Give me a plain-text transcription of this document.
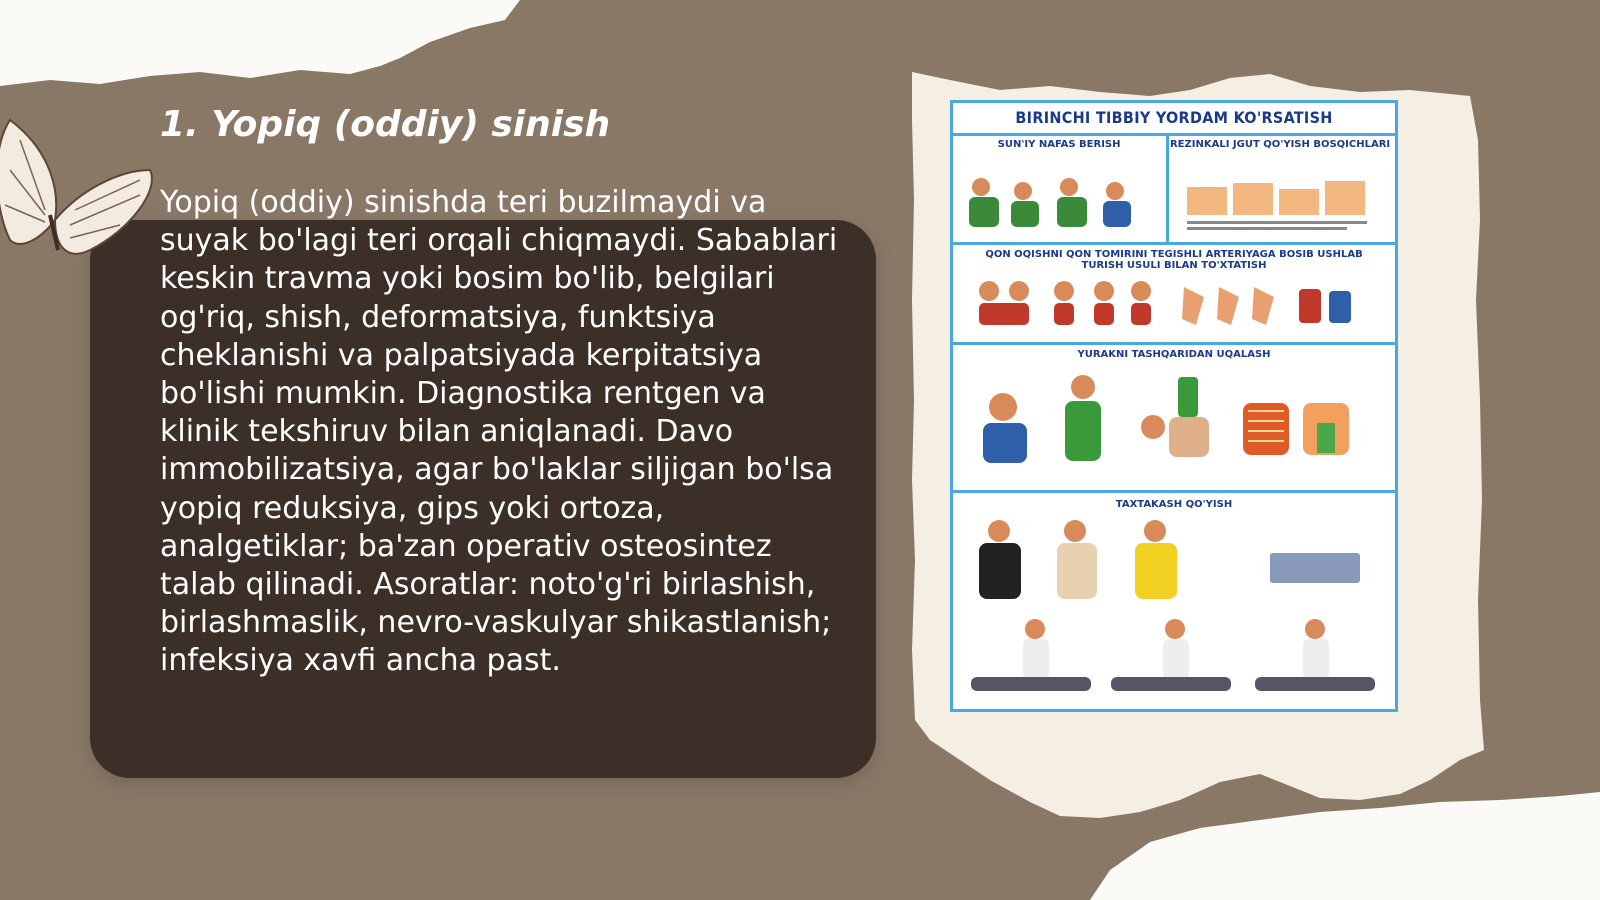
1. Yopiq (oddiy) sinish

Yopiq (oddiy) sinishda teri buzilmaydi va suyak bo'lagi teri orqali chiqmaydi. Sabablari keskin travma yoki bosim bo'lib, belgilari og'riq, shish, deformatsiya, funktsiya cheklanishi va palpatsiyada kerpitatsiya bo'lishi mumkin. Diagnostika rentgen va klinik tekshiruv bilan aniqlanadi. Davo immobilizatsiya, agar bo'laklar siljigan bo'lsa yopiq reduksiya, gips yoki ortoza, analgetiklar; ba'zan operativ osteosintez talab qilinadi. Asoratlar: noto'g'ri birlashish, birlashmaslik, nevro-vaskulyar shikastlanish; infeksiya xavfi ancha past.

BIRINCHI TIBBIY YORDAM KO'RSATISH
SUN'IY NAFAS BERISH	REZINKALI JGUT QO'YISH BOSQICHLARI
QON OQISHNI QON TOMIRINI TEGISHLI ARTERIYAGA BOSIB USHLAB TURISH USULI BILAN TO'XTATISH
YURAKNI TASHQARIDAN UQALASH
TAXTAKASH QO'YISH
